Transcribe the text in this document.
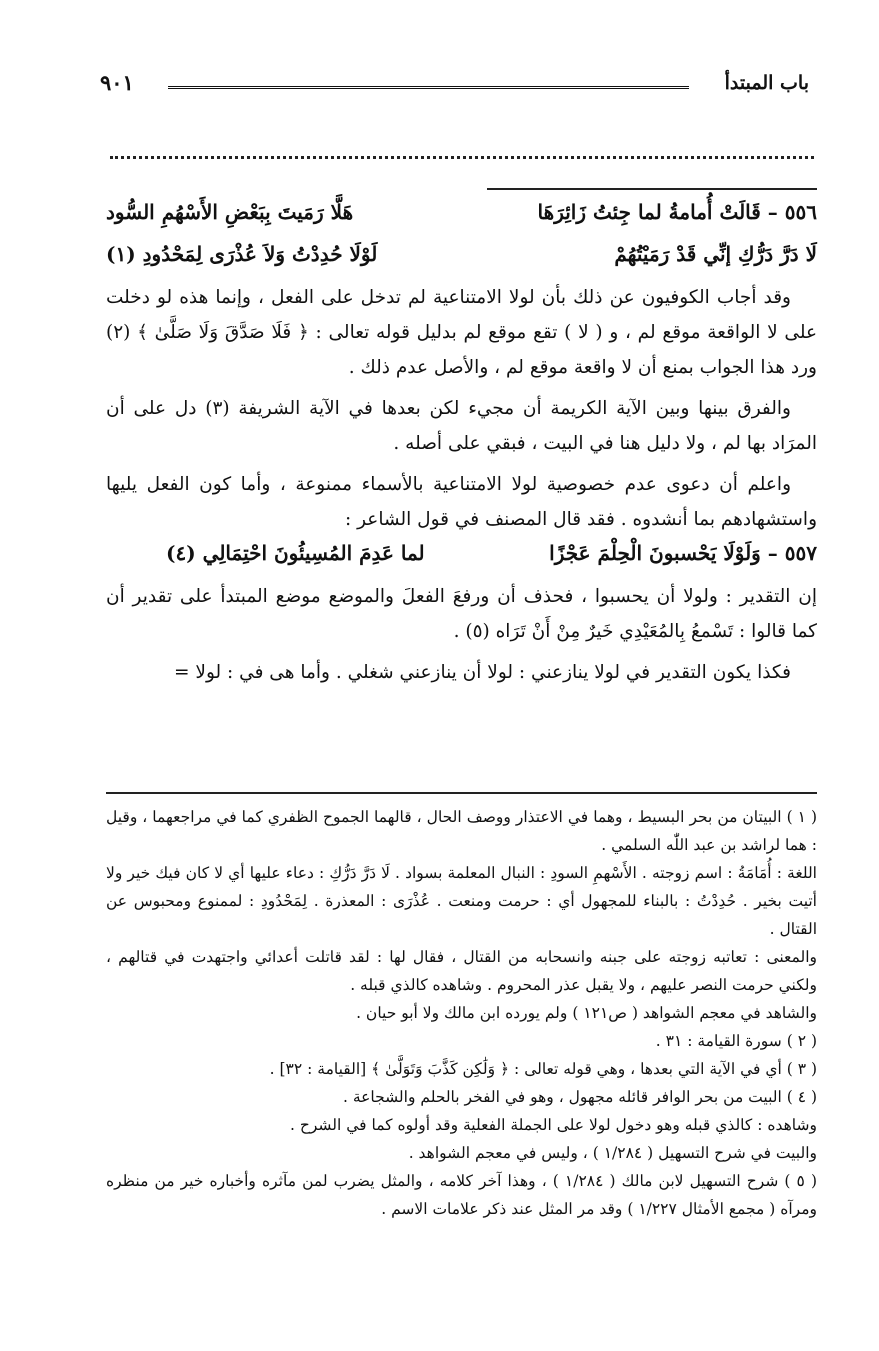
باب المبتدأ
٩٠١
٥٥٦ – قَالَتْ أُمامةُ لما جِئتُ زَائِرَهَا
هَلَّا رَمَيتَ بِبَعْضِ الأَسْهُمِ السُّود
لَا دَرَّ دَرُّكِ إنِّي قَدْ رَمَيْتُهُمْ
لَوْلَا حُدِدْتُ وَلاَ عُذْرَى لِمَحْدُودِ (١)

وقد أجاب الكوفيون عن ذلك بأن لولا الامتناعية لم تدخل على الفعل ، وإنما هذه لو دخلت على لا الواقعة موقع لم ، و ( لا ) تقع موقع لم بدليل قوله تعالى : ﴿ فَلَا صَدَّقَ وَلَا صَلَّىٰ ﴾ (٢) ورد هذا الجواب بمنع أن لا واقعة موقع لم ، والأصل عدم ذلك .

والفرق بينها وبين الآية الكريمة أن مجيء لكن بعدها في الآية الشريفة (٣) دل على أن المرَاد بها لم ، ولا دليل هنا في البيت ، فبقي على أصله .

واعلم أن دعوى عدم خصوصية لولا الامتناعية بالأسماء ممنوعة ، وأما كون الفعل يليها واستشهادهم بما أنشدوه . فقد قال المصنف في قول الشاعر :

٥٥٧ – وَلَوْلَا يَحْسبونَ الْحِلْمَ عَجْزًا
لما عَدِمَ المُسِيئُونَ احْتِمَالِي (٤)

إن التقدير : ولولا أن يحسبوا ، فحذف أن ورفعَ الفعلَ والموضع موضع المبتدأ على تقدير أن كما قالوا : تَسْمعُ بِالمُعَيْدِي خَيرٌ مِنْ أَنْ تَرَاه (٥) .

فكذا يكون التقدير في لولا ينازعني : لولا أن ينازعني شغلي . وأما هى في : لولا =

( ١ ) البيتان من بحر البسيط ، وهما في الاعتذار ووصف الحال ، قالهما الجموح الظفري كما في مراجعهما ، وقيل : هما لراشد بن عبد اللّٰه السلمي .

اللغة : أُمَامَةُ : اسم زوجته . الأَسْهمِ السودِ : النبال المعلمة بسواد . لَا دَرَّ دَرُّكِ : دعاء عليها أي لا كان فيك خير ولا أتيت بخير . حُدِدْتُ : بالبناء للمجهول أي : حرمت ومنعت . عُذْرَى : المعذرة . لِمَحْدُودِ : لممنوع ومحبوس عن القتال .

والمعنى : تعاتبه زوجته على جبنه وانسحابه من القتال ، فقال لها : لقد قاتلت أعدائي واجتهدت في قتالهم ، ولكني حرمت النصر عليهم ، ولا يقبل عذر المحروم . وشاهده كالذي قبله .

والشاهد في معجم الشواهد ( ص١٢١ ) ولم يورده ابن مالك ولا أبو حيان .

( ٢ ) سورة القيامة : ٣١ .

( ٣ ) أي في الآية التي بعدها ، وهي قوله تعالى : ﴿ وَلَٰكِن كَذَّبَ وَتَوَلَّىٰ ﴾ [القيامة : ٣٢] .

( ٤ ) البيت من بحر الوافر قائله مجهول ، وهو في الفخر بالحلم والشجاعة .

وشاهده : كالذي قبله وهو دخول لولا على الجملة الفعلية وقد أولوه كما في الشرح .

والبيت في شرح التسهيل ( ١/٢٨٤ ) ، وليس في معجم الشواهد .

( ٥ ) شرح التسهيل لابن مالك ( ١/٢٨٤ ) ، وهذا آخر كلامه ، والمثل يضرب لمن مآثره وأخباره خير من منظره ومرآه ( مجمع الأمثال ١/٢٢٧ ) وقد مر المثل عند ذكر علامات الاسم .
